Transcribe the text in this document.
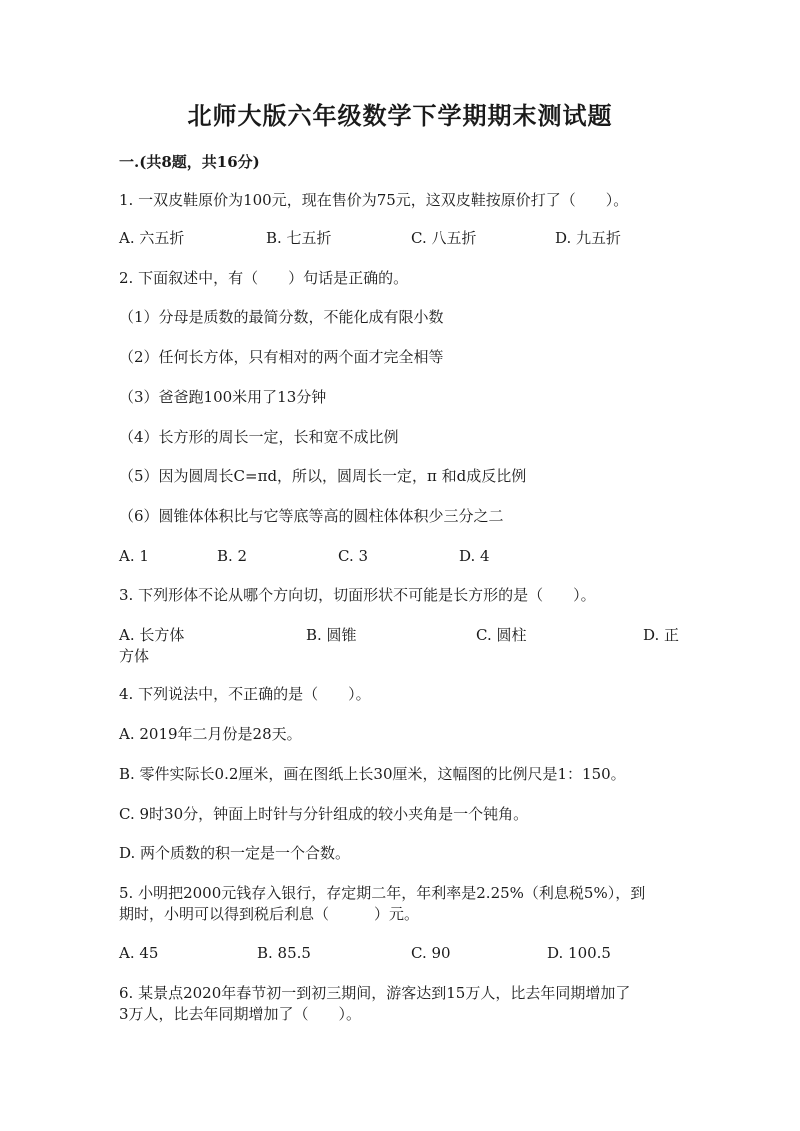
北师大版六年级数学下学期期末测试题
一.(共8题，共16分)
1. 一双皮鞋原价为100元，现在售价为75元，这双皮鞋按原价打了（　　）。
A. 六五折	B. 七五折	C. 八五折	D. 九五折
2. 下面叙述中，有（　　）句话是正确的。
（1）分母是质数的最简分数，不能化成有限小数
（2）任何长方体，只有相对的两个面才完全相等
（3）爸爸跑100米用了13分钟
（4）长方形的周长一定，长和宽不成比例
（5）因为圆周长C=πd，所以，圆周长一定，π 和d成反比例
（6）圆锥体体积比与它等底等高的圆柱体体积少三分之二
A. 1	B. 2	C. 3	D. 4
3. 下列形体不论从哪个方向切，切面形状不可能是长方形的是（　　）。
A. 长方体	B. 圆锥	C. 圆柱	D. 正
方体
4. 下列说法中，不正确的是（　　）。
A. 2019年二月份是28天。
B. 零件实际长0.2厘米，画在图纸上长30厘米，这幅图的比例尺是1：150。
C. 9时30分，钟面上时针与分针组成的较小夹角是一个钝角。
D. 两个质数的积一定是一个合数。
5. 小明把2000元钱存入银行，存定期二年，年利率是2.25%（利息税5%），到
期时，小明可以得到税后利息（　　　）元。
A. 45	B. 85.5	C. 90	D. 100.5
6. 某景点2020年春节初一到初三期间，游客达到15万人，比去年同期增加了
3万人，比去年同期增加了（　　）。
